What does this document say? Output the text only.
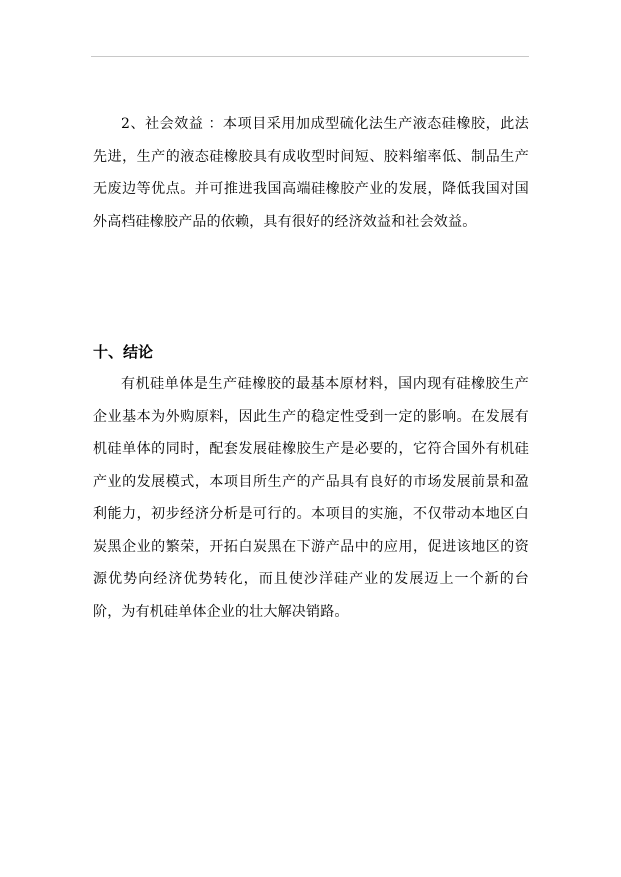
2、社会效益 ：本项目采用加成型硫化法生产液态硅橡胶，此法先进，生产的液态硅橡胶具有成收型时间短、胶料缩率低、制品生产无废边等优点。并可推进我国高端硅橡胶产业的发展，降低我国对国外高档硅橡胶产品的依赖，具有很好的经济效益和社会效益。

十、结论

有机硅单体是生产硅橡胶的最基本原材料，国内现有硅橡胶生产企业基本为外购原料，因此生产的稳定性受到一定的影响。在发展有机硅单体的同时，配套发展硅橡胶生产是必要的，它符合国外有机硅产业的发展模式，本项目所生产的产品具有良好的市场发展前景和盈利能力，初步经济分析是可行的。本项目的实施，不仅带动本地区白炭黑企业的繁荣，开拓白炭黑在下游产品中的应用，促进该地区的资源优势向经济优势转化，而且使沙洋硅产业的发展迈上一个新的台阶，为有机硅单体企业的壮大解决销路。
